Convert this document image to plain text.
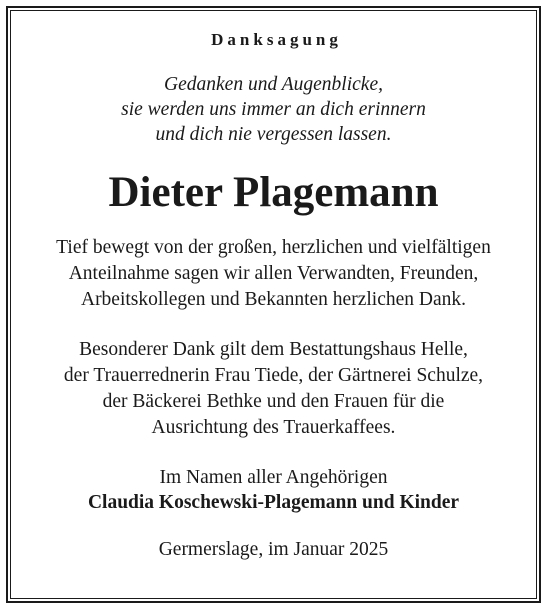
Danksagung
Gedanken und Augenblicke,
sie werden uns immer an dich erinnern
und dich nie vergessen lassen.
Dieter Plagemann
Tief bewegt von der großen, herzlichen und vielfältigen
Anteilnahme sagen wir allen Verwandten, Freunden,
Arbeitskollegen und Bekannten herzlichen Dank.
Besonderer Dank gilt dem Bestattungshaus Helle,
der Trauerrednerin Frau Tiede, der Gärtnerei Schulze,
der Bäckerei Bethke und den Frauen für die
Ausrichtung des Trauerkaffees.
Im Namen aller Angehörigen
Claudia Koschewski-Plagemann und Kinder
Germerslage, im Januar 2025
